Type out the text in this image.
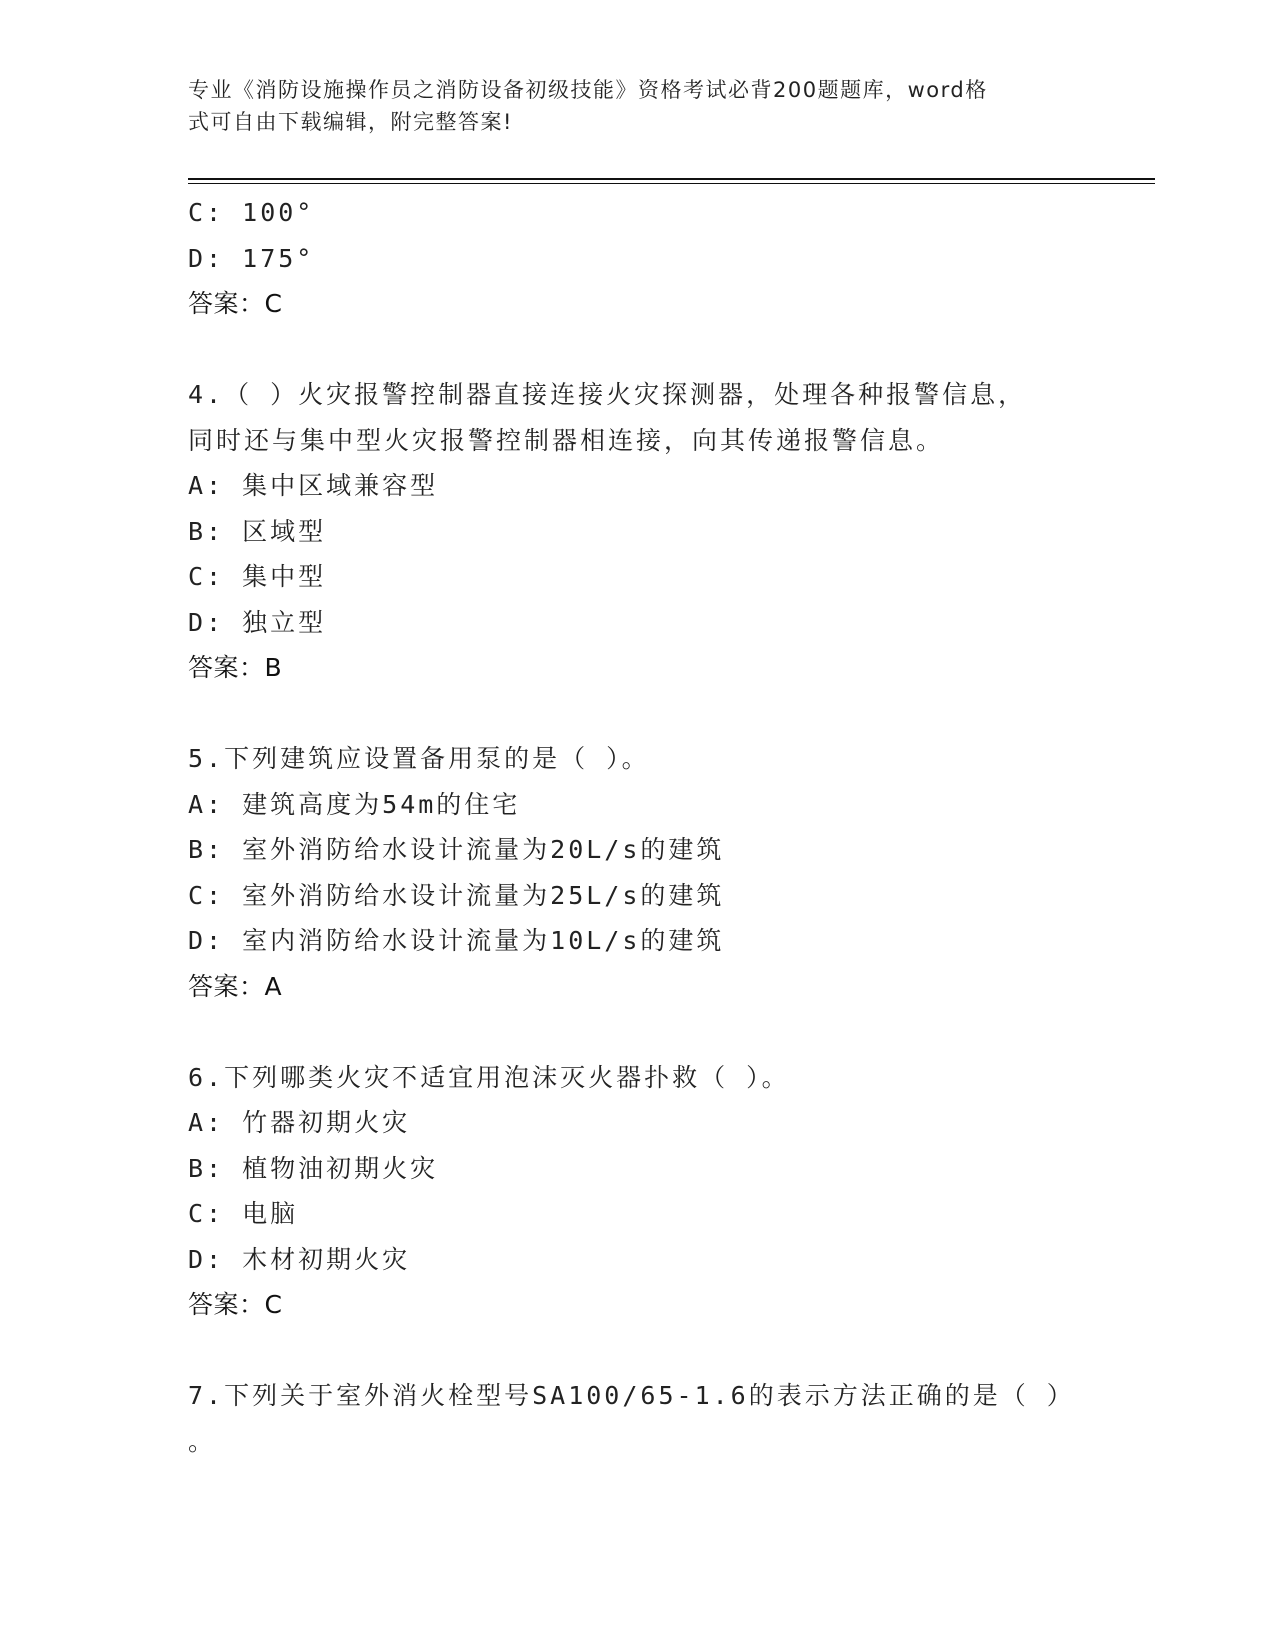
专业《消防设施操作员之消防设备初级技能》资格考试必背200题题库，word格
式可自由下载编辑，附完整答案!
C: 100°
D: 175°
答案：C
4.（ ）火灾报警控制器直接连接火灾探测器，处理各种报警信息，
同时还与集中型火灾报警控制器相连接，向其传递报警信息。
A: 集中区域兼容型
B: 区域型
C: 集中型
D: 独立型
答案：B
5.下列建筑应设置备用泵的是（ ）。
A: 建筑高度为54m的住宅
B: 室外消防给水设计流量为20L/s的建筑
C: 室外消防给水设计流量为25L/s的建筑
D: 室内消防给水设计流量为10L/s的建筑
答案：A
6.下列哪类火灾不适宜用泡沫灭火器扑救（ ）。
A: 竹器初期火灾
B: 植物油初期火灾
C: 电脑
D: 木材初期火灾
答案：C
7.下列关于室外消火栓型号SA100/65-1.6的表示方法正确的是（ ）
。
